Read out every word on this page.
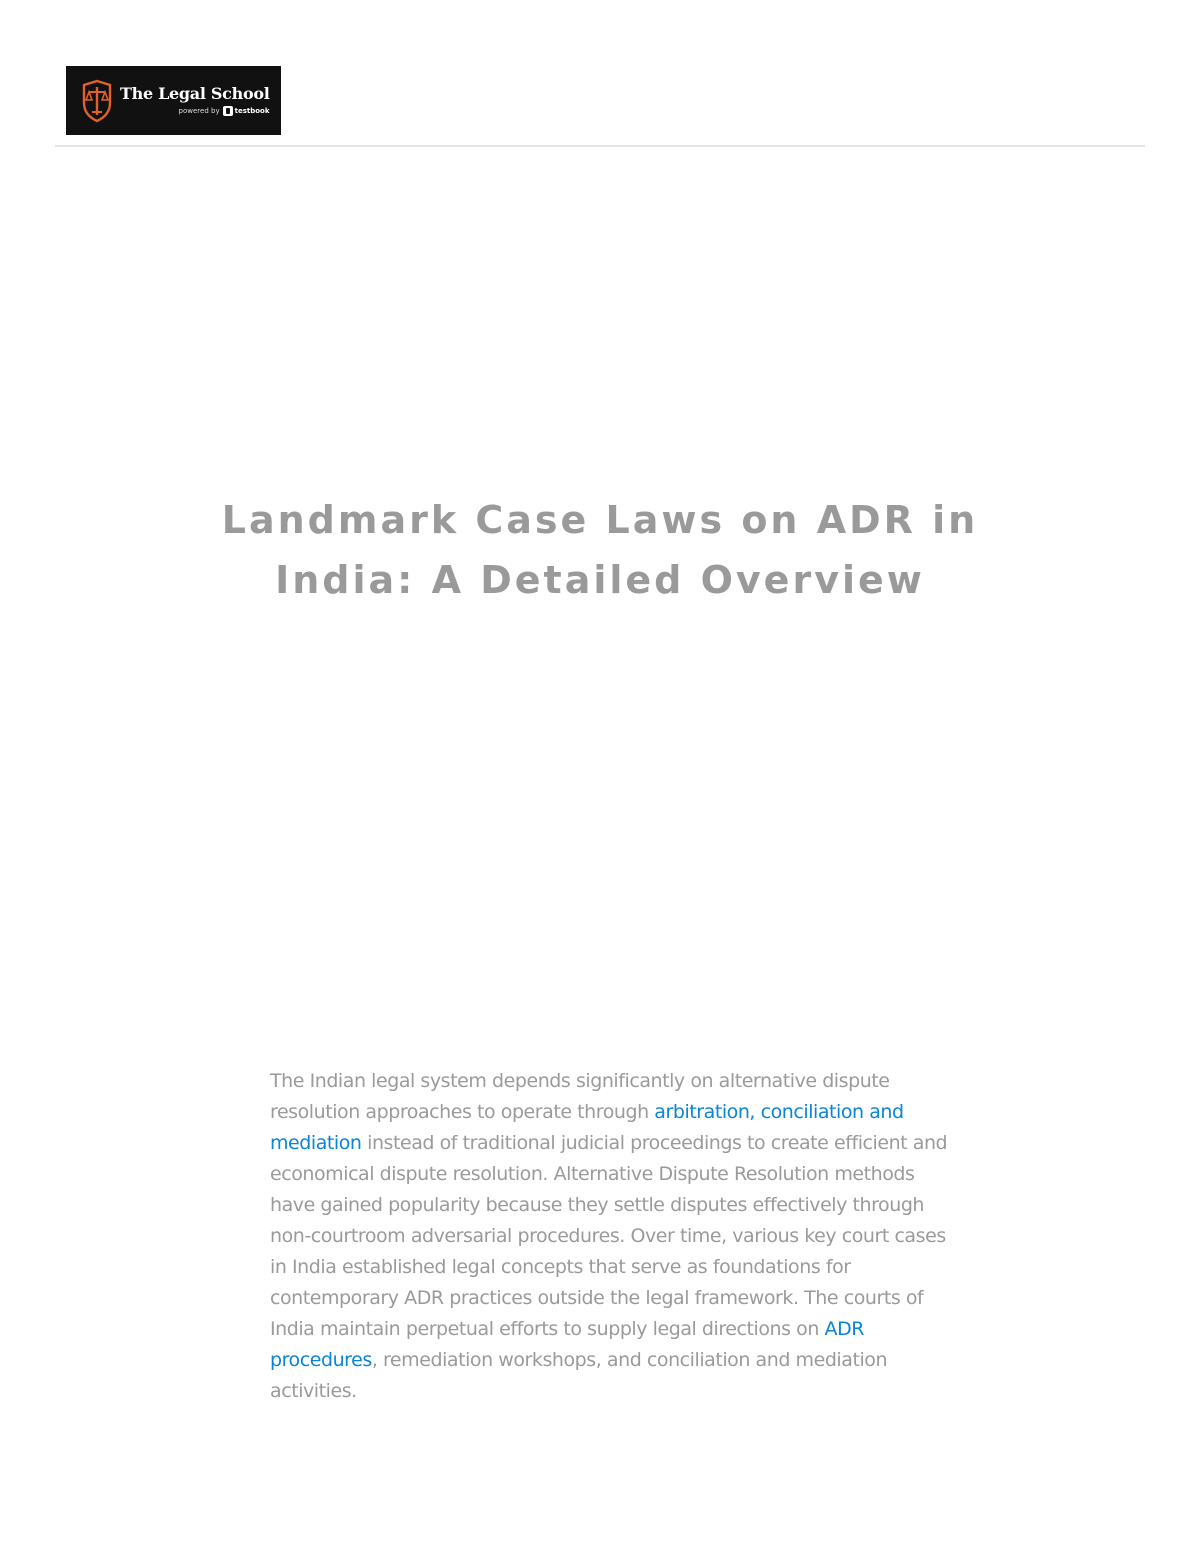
The Legal School
powered by testbook
Landmark Case Laws on ADR in India: A Detailed Overview

The Indian legal system depends significantly on alternative dispute resolution approaches to operate through arbitration, conciliation and mediation instead of traditional judicial proceedings to create efficient and economical dispute resolution. Alternative Dispute Resolution methods have gained popularity because they settle disputes effectively through non-courtroom adversarial procedures. Over time, various key court cases in India established legal concepts that serve as foundations for contemporary ADR practices outside the legal framework. The courts of India maintain perpetual efforts to supply legal directions on ADR procedures, remediation workshops, and conciliation and mediation activities.
